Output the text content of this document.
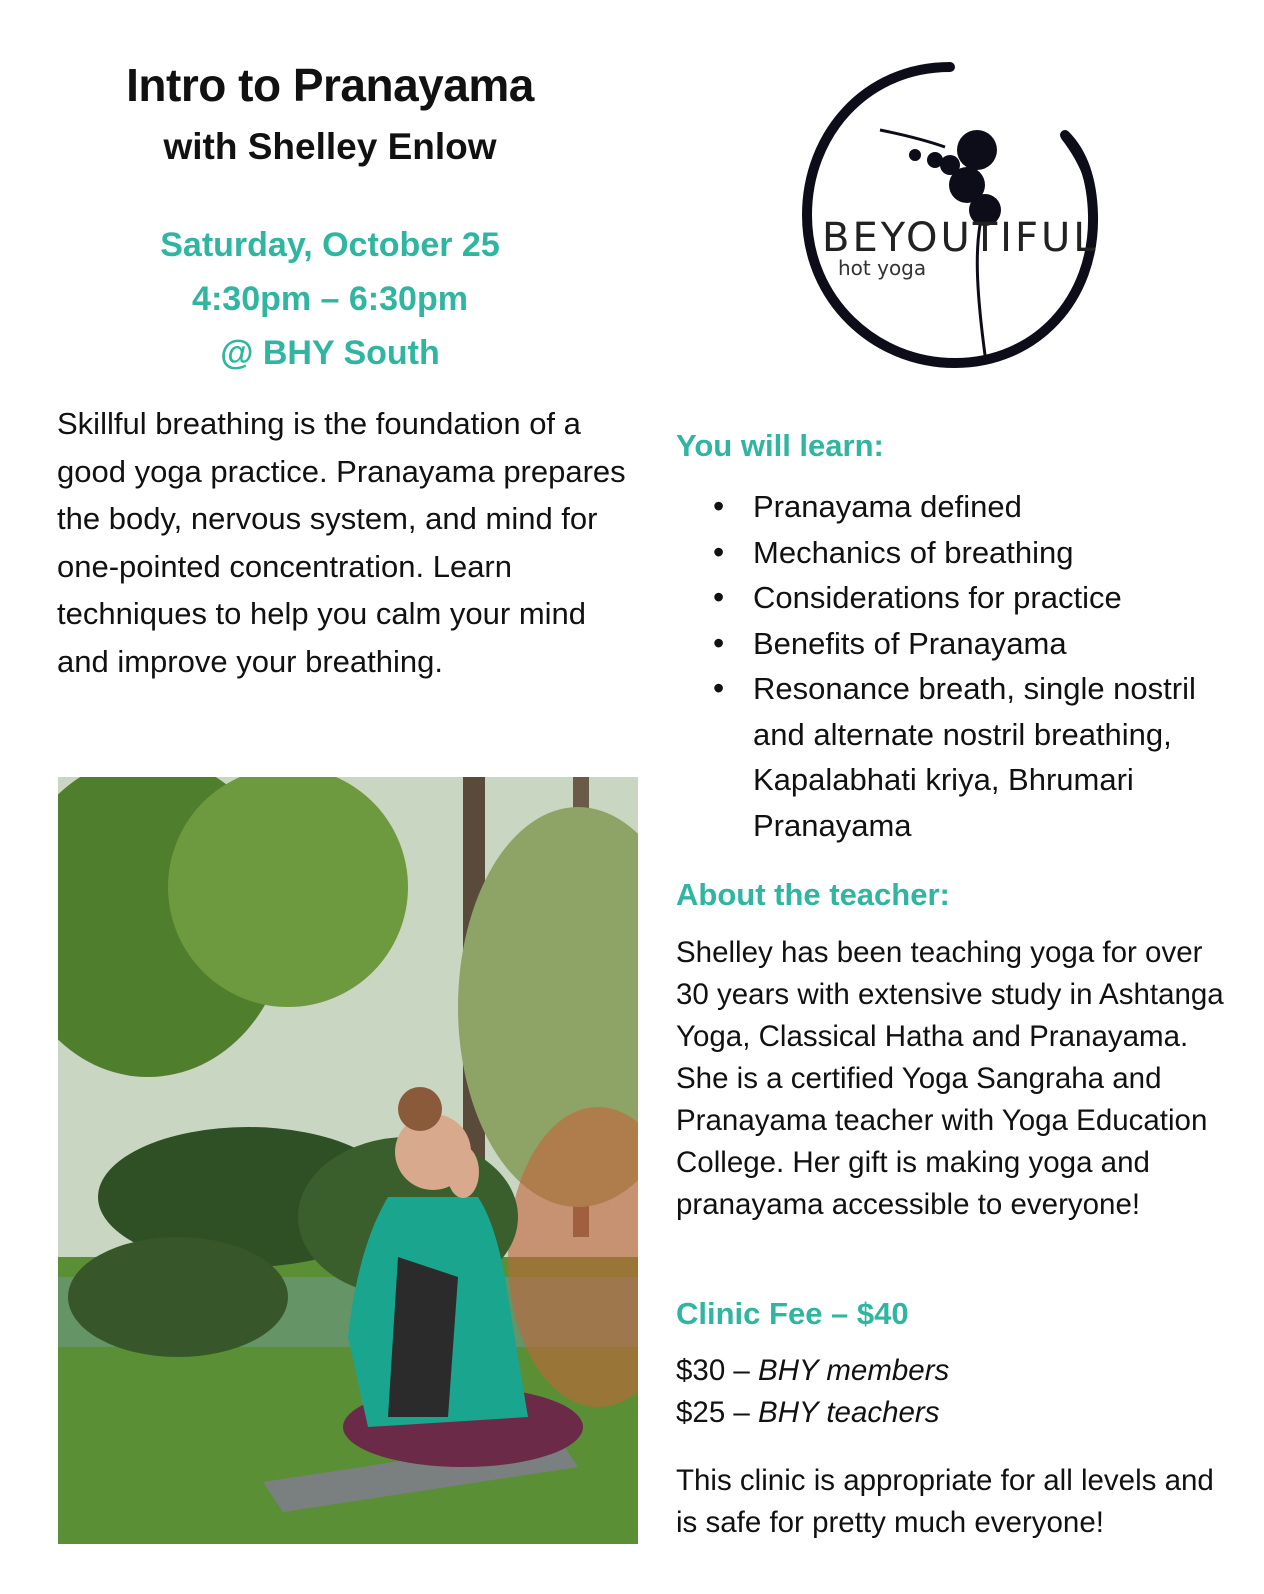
Intro to Pranayama
with Shelley Enlow
Saturday, October 25
4:30pm – 6:30pm
@ BHY South
Skillful breathing is the foundation of a good yoga practice. Pranayama prepares the body, nervous system, and mind for one-pointed concentration. Learn techniques to help you calm your mind and improve your breathing.
BEYOUTIFUL
hot yoga
You will learn:
• Pranayama defined
• Mechanics of breathing
• Considerations for practice
• Benefits of Pranayama
• Resonance breath, single nostril and alternate nostril breathing, Kapalabhati kriya, Bhrumari Pranayama
About the teacher:
Shelley has been teaching yoga for over 30 years with extensive study in Ashtanga Yoga, Classical Hatha and Pranayama. She is a certified Yoga Sangraha and Pranayama teacher with Yoga Education College. Her gift is making yoga and pranayama accessible to everyone!
Clinic Fee – $40
$30 – BHY members
$25 – BHY teachers
This clinic is appropriate for all levels and is safe for pretty much everyone!
